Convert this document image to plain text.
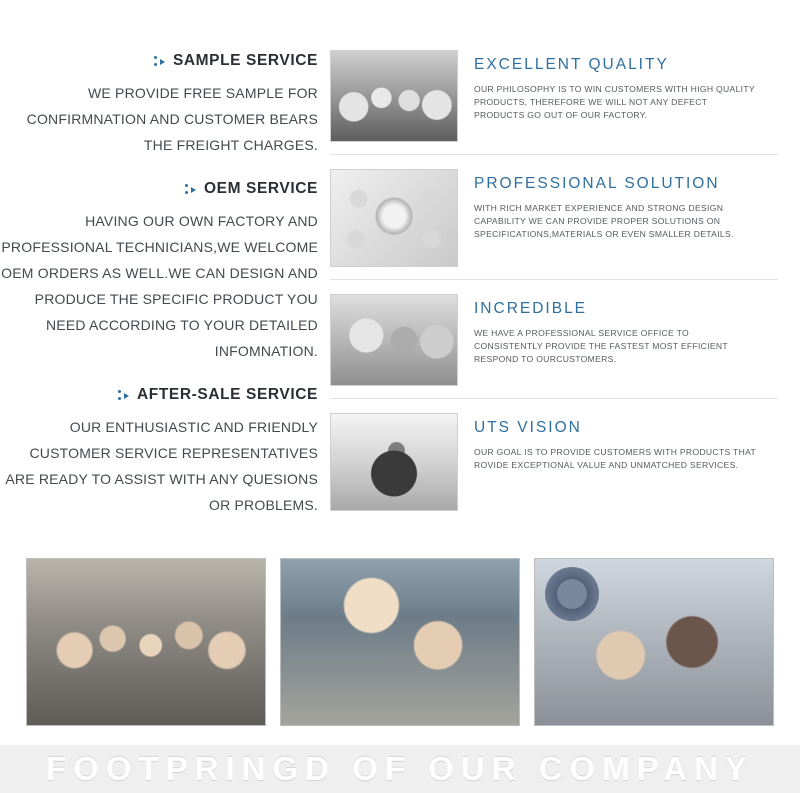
SAMPLE SERVICE
WE PROVIDE FREE SAMPLE FOR CONFIRMNATION AND CUSTOMER BEARS THE FREIGHT CHARGES.
OEM SERVICE
HAVING OUR OWN FACTORY AND PROFESSIONAL TECHNICIANS,WE WELCOME OEM ORDERS AS WELL.WE CAN DESIGN AND PRODUCE THE SPECIFIC PRODUCT YOU NEED ACCORDING TO YOUR DETAILED INFOMNATION.
AFTER-SALE SERVICE
OUR ENTHUSIASTIC AND FRIENDLY CUSTOMER SERVICE REPRESENTATIVES ARE READY TO ASSIST WITH ANY QUESIONS OR PROBLEMS.
EXCELLENT QUALITY
OUR PHILOSOPHY IS TO WIN CUSTOMERS WITH HIGH QUALITY PRODUCTS, THEREFORE WE WILL NOT ANY DEFECT PRODUCTS GO OUT OF OUR FACTORY.
PROFESSIONAL SOLUTION
WITH RICH MARKET EXPERIENCE AND STRONG DESIGN CAPABILITY WE CAN PROVIDE PROPER SOLUTIONS ON SPECIFICATIONS,MATERIALS OR EVEN SMALLER DETAILS.
INCREDIBLE
WE HAVE A PROFESSIONAL SERVICE OFFICE TO CONSISTENTLY PROVIDE THE FASTEST MOST EFFICIENT RESPOND TO OURCUSTOMERS.
UTS VISION
OUR GOAL IS TO PROVIDE CUSTOMERS WITH PRODUCTS THAT ROVIDE EXCEPTIONAL VALUE AND UNMATCHED SERVICES.
FOOTPRINGD OF OUR COMPANY
